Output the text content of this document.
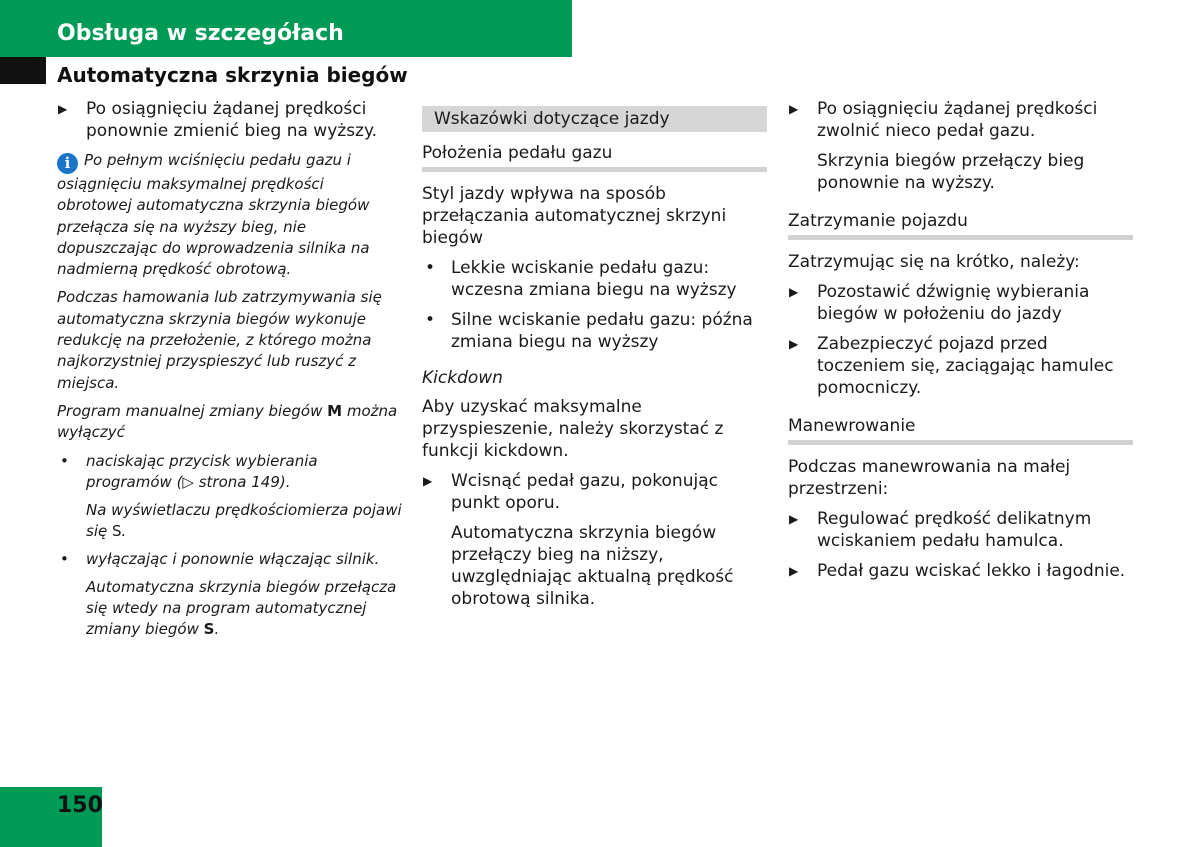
Obsługa w szczegółach
Automatyczna skrzynia biegów
▶ Po osiągnięciu żądanej prędkości ponownie zmienić bieg na wyższy.
i Po pełnym wciśnięciu pedału gazu i osiągnięciu maksymalnej prędkości obrotowej automatyczna skrzynia biegów przełącza się na wyższy bieg, nie dopuszczając do wprowadzenia silnika na nadmierną prędkość obrotową.
Podczas hamowania lub zatrzymywania się automatyczna skrzynia biegów wykonuje redukcję na przełożenie, z którego można najkorzystniej przyspieszyć lub ruszyć z miejsca.
Program manualnej zmiany biegów M można wyłączyć
• naciskając przycisk wybierania programów (▷ strona 149).
Na wyświetlaczu prędkościomierza pojawi się S.
• wyłączając i ponownie włączając silnik.
Automatyczna skrzynia biegów przełącza się wtedy na program automatycznej zmiany biegów S.
Wskazówki dotyczące jazdy
Położenia pedału gazu
Styl jazdy wpływa na sposób przełączania automatycznej skrzyni biegów
• Lekkie wciskanie pedału gazu: wczesna zmiana biegu na wyższy
• Silne wciskanie pedału gazu: późna zmiana biegu na wyższy
Kickdown
Aby uzyskać maksymalne przyspieszenie, należy skorzystać z funkcji kickdown.
▶ Wcisnąć pedał gazu, pokonując punkt oporu.
Automatyczna skrzynia biegów przełączy bieg na niższy, uwzględniając aktualną prędkość obrotową silnika.
▶ Po osiągnięciu żądanej prędkości zwolnić nieco pedał gazu.
Skrzynia biegów przełączy bieg ponownie na wyższy.
Zatrzymanie pojazdu
Zatrzymując się na krótko, należy:
▶ Pozostawić dźwignię wybierania biegów w położeniu do jazdy
▶ Zabezpieczyć pojazd przed toczeniem się, zaciągając hamulec pomocniczy.
Manewrowanie
Podczas manewrowania na małej przestrzeni:
▶ Regulować prędkość delikatnym wciskaniem pedału hamulca.
▶ Pedał gazu wciskać lekko i łagodnie.
150
